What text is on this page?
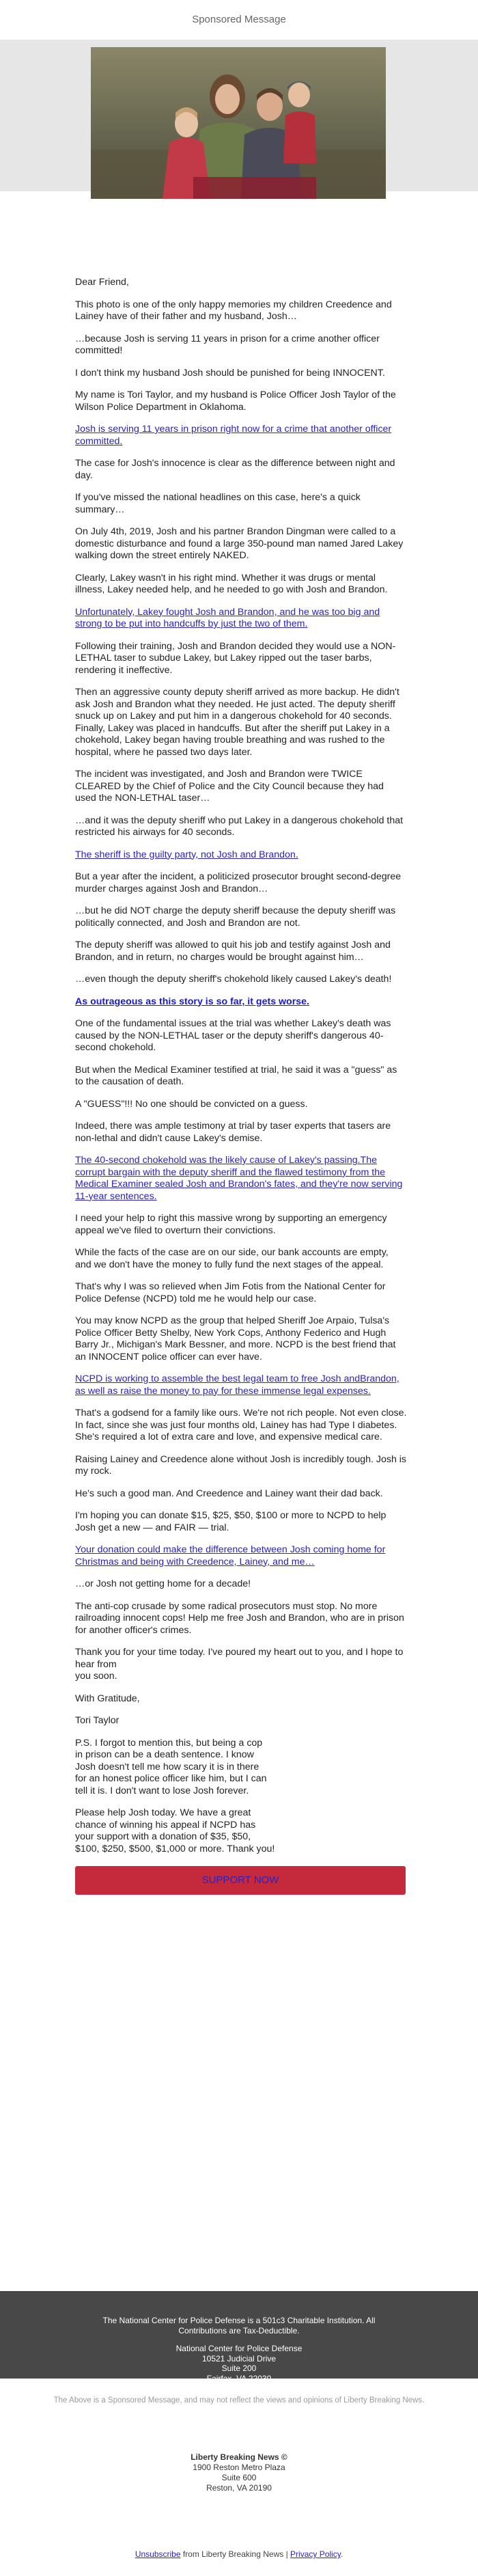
Sponsored Message

Dear Friend,

This photo is one of the only happy memories my children Creedence and Lainey have of their father and my husband, Josh…

…because Josh is serving 11 years in prison for a crime another officer committed!

I don't think my husband Josh should be punished for being INNOCENT.

My name is Tori Taylor, and my husband is Police Officer Josh Taylor of the Wilson Police Department in Oklahoma.

Josh is serving 11 years in prison right now for a crime that another officer committed.

The case for Josh's innocence is clear as the difference between night and day.

If you've missed the national headlines on this case, here's a quick summary…

On July 4th, 2019, Josh and his partner Brandon Dingman were called to a domestic disturbance and found a large 350-pound man named Jared Lakey walking down the street entirely NAKED.

Clearly, Lakey wasn't in his right mind. Whether it was drugs or mental illness, Lakey needed help, and he needed to go with Josh and Brandon.

Unfortunately, Lakey fought Josh and Brandon, and he was too big and strong to be put into handcuffs by just the two of them.

Following their training, Josh and Brandon decided they would use a NON-LETHAL taser to subdue Lakey, but Lakey ripped out the taser barbs, rendering it ineffective.

Then an aggressive county deputy sheriff arrived as more backup. He didn't ask Josh and Brandon what they needed. He just acted. The deputy sheriff snuck up on Lakey and put him in a dangerous chokehold for 40 seconds. Finally, Lakey was placed in handcuffs. But after the sheriff put Lakey in a chokehold, Lakey began having trouble breathing and was rushed to the hospital, where he passed two days later.

The incident was investigated, and Josh and Brandon were TWICE CLEARED by the Chief of Police and the City Council because they had used the NON-LETHAL taser…

…and it was the deputy sheriff who put Lakey in a dangerous chokehold that restricted his airways for 40 seconds.

The sheriff is the guilty party, not Josh and Brandon.

But a year after the incident, a politicized prosecutor brought second-degree murder charges against Josh and Brandon…

…but he did NOT charge the deputy sheriff because the deputy sheriff was politically connected, and Josh and Brandon are not.

The deputy sheriff was allowed to quit his job and testify against Josh and Brandon, and in return, no charges would be brought against him…

…even though the deputy sheriff's chokehold likely caused Lakey's death!

As outrageous as this story is so far, it gets worse.

One of the fundamental issues at the trial was whether Lakey's death was caused by the NON-LETHAL taser or the deputy sheriff's dangerous 40-second chokehold.

But when the Medical Examiner testified at trial, he said it was a "guess" as to the causation of death.

A "GUESS"!!! No one should be convicted on a guess.

Indeed, there was ample testimony at trial by taser experts that tasers are non-lethal and didn't cause Lakey's demise.

The 40-second chokehold was the likely cause of Lakey's passing.The corrupt bargain with the deputy sheriff and the flawed testimony from the Medical Examiner sealed Josh and Brandon's fates, and they're now serving 11-year sentences.

I need your help to right this massive wrong by supporting an emergency appeal we've filed to overturn their convictions.

While the facts of the case are on our side, our bank accounts are empty, and we don't have the money to fully fund the next stages of the appeal.

That's why I was so relieved when Jim Fotis from the National Center for Police Defense (NCPD) told me he would help our case.

You may know NCPD as the group that helped Sheriff Joe Arpaio, Tulsa's Police Officer Betty Shelby, New York Cops, Anthony Federico and Hugh Barry Jr., Michigan's Mark Bessner, and more. NCPD is the best friend that an INNOCENT police officer can ever have.

NCPD is working to assemble the best legal team to free Josh andBrandon, as well as raise the money to pay for these immense legal expenses.

That's a godsend for a family like ours. We're not rich people. Not even close. In fact, since she was just four months old, Lainey has had Type I diabetes. She's required a lot of extra care and love, and expensive medical care.

Raising Lainey and Creedence alone without Josh is incredibly tough. Josh is my rock.

He's such a good man. And Creedence and Lainey want their dad back.

I'm hoping you can donate $15, $25, $50, $100 or more to NCPD to help Josh get a new — and FAIR — trial.

Your donation could make the difference between Josh coming home for Christmas and being with Creedence, Lainey, and me…

…or Josh not getting home for a decade!

The anti-cop crusade by some radical prosecutors must stop. No more railroading innocent cops! Help me free Josh and Brandon, who are in prison for another officer's crimes.

Thank you for your time today. I've poured my heart out to you, and I hope to hear from
you soon.

With Gratitude,

Tori Taylor

P.S. I forgot to mention this, but being a cop
in prison can be a death sentence. I know
Josh doesn't tell me how scary it is in there
for an honest police officer like him, but I can
tell it is. I don't want to lose Josh forever.

Please help Josh today. We have a great
chance of winning his appeal if NCPD has
your support with a donation of $35, $50,
$100, $250, $500, $1,000 or more. Thank you!

SUPPORT NOW
The National Center for Police Defense is a 501c3 Charitable Institution. All
Contributions are Tax-Deductible.
National Center for Police Defense
10521 Judicial Drive
Suite 200
Fairfax, VA 22030
The Above is a Sponsored Message, and may not reflect the views and opinions of Liberty Breaking News.
Liberty Breaking News ©
1900 Reston Metro Plaza
Suite 600
Reston, VA 20190
Unsubscribe from Liberty Breaking News | Privacy Policy.
